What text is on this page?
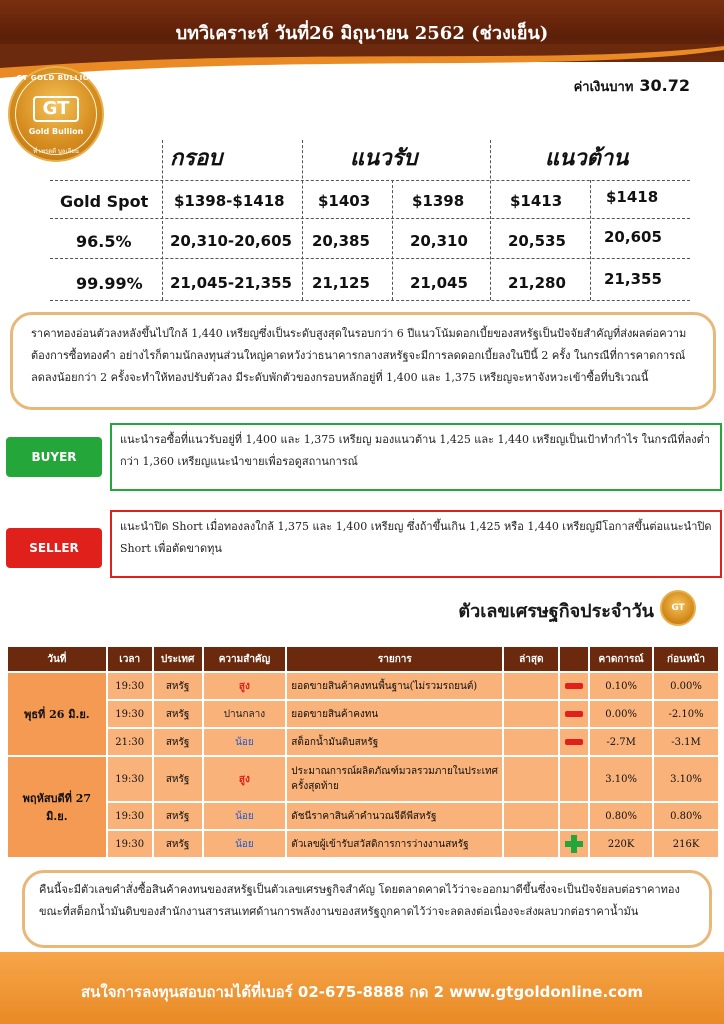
บทวิเคราะห์ วันที่26 มิถุนายน 2562 (ช่วงเย็น)
GT GOLD BULLION
GT
Gold Bullion
ที่ เทรดดี บูลเลียน
ค่าเงินบาท 30.72
กรอบ	แนวรับ	แนวต้าน
Gold Spot $1398-$1418 $1403	$1398	$1413	$1418
96.5%	20,310-20,605 20,385	20,310	20,535	20,605
99.99% 21,045-21,355 21,125	21,045	21,280	21,355
ราคาทองอ่อนตัวลงหลังขึ้นไปใกล้ 1,440 เหรียญซึ่งเป็นระดับสูงสุดในรอบกว่า 6 ปีแนวโน้มดอกเบี้ยของสหรัฐเป็นปัจจัยสำคัญที่ส่งผลต่อความต้องการซื้อทองคำ อย่างไรก็ตามนักลงทุนส่วนใหญ่คาดหวังว่าธนาคารกลางสหรัฐจะมีการลดดอกเบี้ยลงในปีนี้ 2 ครั้ง ในกรณีที่การคาดการณ์ลดลงน้อยกว่า 2 ครั้งจะทำให้ทองปรับตัวลง มีระดับพักตัวของกรอบหลักอยู่ที่ 1,400 และ 1,375 เหรียญจะหาจังหวะเข้าซื้อที่บริเวณนี้
BUYER
แนะนำรอซื้อที่แนวรับอยู่ที่ 1,400 และ 1,375 เหรียญ มองแนวต้าน 1,425 และ 1,440 เหรียญเป็นเป้าทำกำไร ในกรณีที่ลงต่ำกว่า 1,360 เหรียญแนะนำขายเพื่อรอดูสถานการณ์
SELLER
แนะนำปิด Short เมื่อทองลงใกล้ 1,375 และ 1,400 เหรียญ ซึ่งถ้าขึ้นเกิน 1,425 หรือ 1,440 เหรียญมีโอกาสขึ้นต่อแนะนำปิด Short เพื่อตัดขาดทุน
ตัวเลขเศรษฐกิจประจำวัน	GT
วันที่	เวลา	ประเทศ	ความสำคัญ	รายการ	ล่าสุด		คาดการณ์	ก่อนหน้า
พุธที่ 26 มิ.ย.	19:30	สหรัฐ	สูง	ยอดขายสินค้าคงทนพื้นฐาน(ไม่รวมรถยนต์)			0.10%	0.00%
	19:30	สหรัฐ	ปานกลาง	ยอดขายสินค้าคงทน			0.00%	-2.10%
	21:30	สหรัฐ	น้อย	สต็อกน้ำมันดิบสหรัฐ			-2.7M	-3.1M
พฤหัสบดีที่ 27 มิ.ย.	19:30	สหรัฐ	สูง	ประมาณการณ์ผลิตภัณฑ์มวลรวมภายในประเทศครั้งสุดท้าย			3.10%	3.10%
	19:30	สหรัฐ	น้อย	ดัชนีราคาสินค้าคำนวณจีดีพีสหรัฐ			0.80%	0.80%
	19:30	สหรัฐ	น้อย	ตัวเลขผู้เข้ารับสวัสดิการการว่างงานสหรัฐ			220K	216K
คืนนี้จะมีตัวเลขคำสั่งซื้อสินค้าคงทนของสหรัฐเป็นตัวเลขเศรษฐกิจสำคัญ โดยตลาดคาดไว้ว่าจะออกมาดีขึ้นซึ่งจะเป็นปัจจัยลบต่อราคาทอง ขณะที่สต็อกน้ำมันดิบของสำนักงานสารสนเทศด้านการพลังงานของสหรัฐถูกคาดไว้ว่าจะลดลงต่อเนื่องจะส่งผลบวกต่อราคาน้ำมัน
สนใจการลงทุนสอบถามได้ที่เบอร์ 02-675-8888 กด 2 www.gtgoldonline.com
